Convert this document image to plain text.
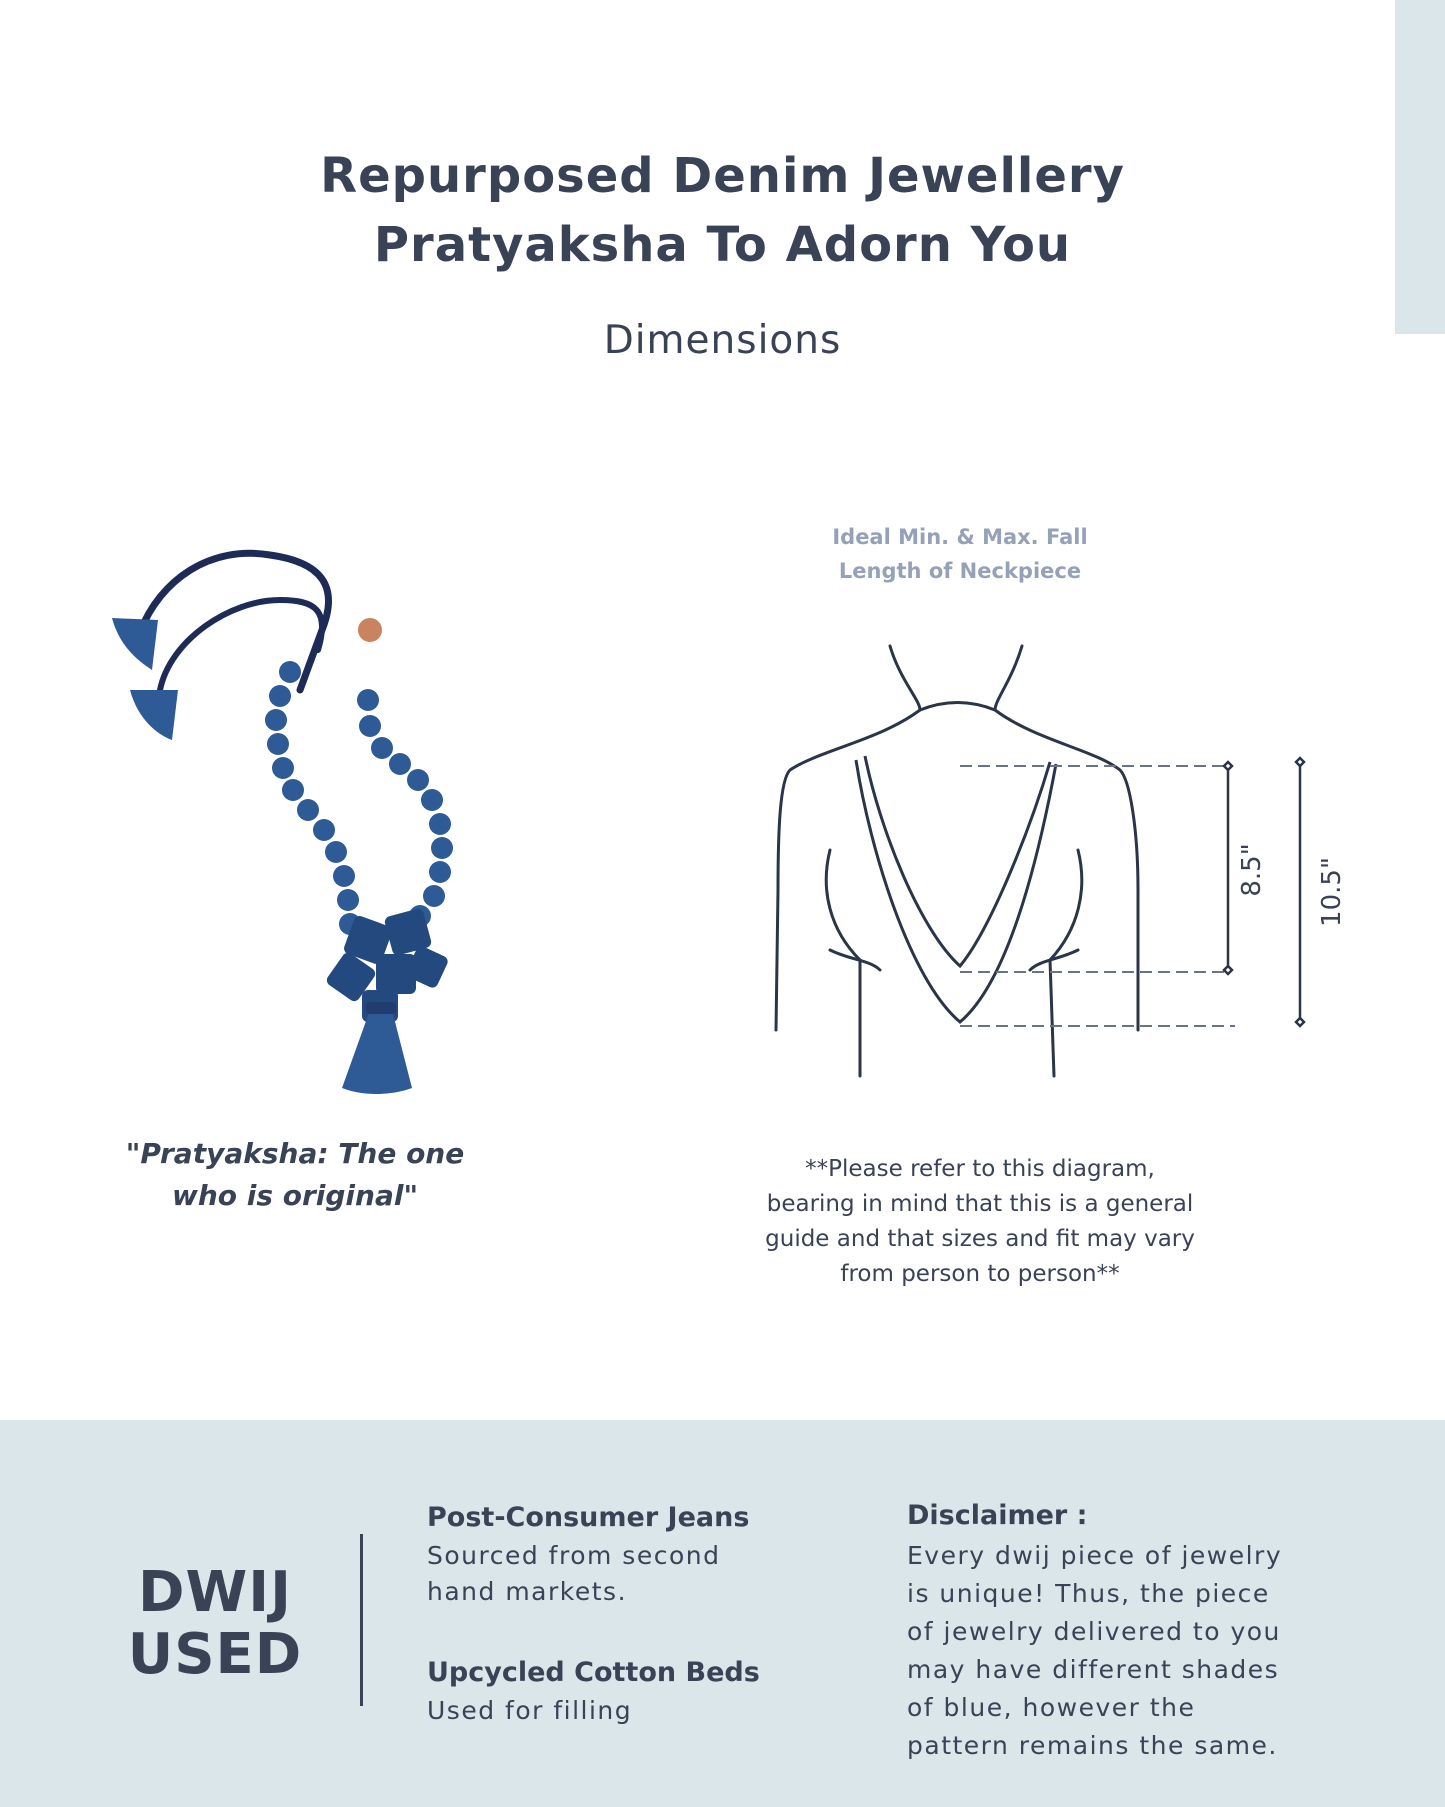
Repurposed Denim Jewellery
Pratyaksha To Adorn You
Dimensions
"Pratyaksha: The one
who is original"
Ideal Min. & Max. Fall
Length of Neckpiece
8.5" 10.5"
**Please refer to this diagram,
bearing in mind that this is a general
guide and that sizes and fit may vary
from person to person**
DWIJ
USED
Post-Consumer Jeans
Sourced from second
hand markets.
Upcycled Cotton Beds
Used for filling
Disclaimer :
Every dwij piece of jewelry
is unique! Thus, the piece
of jewelry delivered to you
may have different shades
of blue, however the
pattern remains the same.
